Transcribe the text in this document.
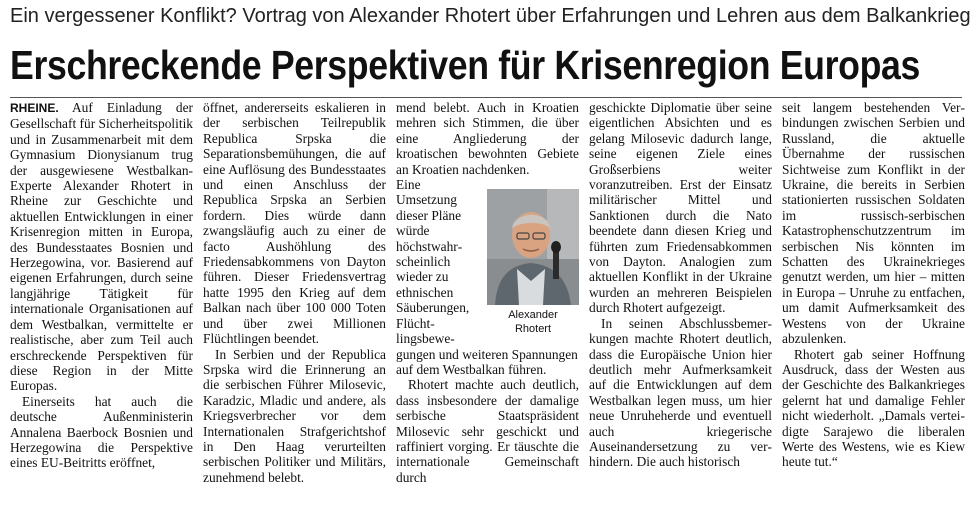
Ein vergessener Konflikt? Vortrag von Alexander Rhotert über Erfahrungen und Lehren aus dem Balkankrieg
Erschreckende Perspektiven für Krisenregion Europas

RHEINE. Auf Einladung der Gesellschaft für Sicherheitspolitik und in Zusammenarbeit mit dem Gymnasium Dionysianum trug der ausgewiesene Westbalkan-Experte Alexander Rhotert in Rheine zur Geschichte und aktuellen Entwicklungen in einer Krisenregion mitten in Europa, des Bundesstaates Bosnien und Herzegowina, vor. Basierend auf eigenen Erfahrungen, durch seine langjährige Tätigkeit für internationale Organisationen auf dem Westbalkan, vermittelte er realistische, aber zum Teil auch erschreckende Perspektiven für diese Region in der Mitte Europas.

Einerseits hat auch die deutsche Außenministerin Annalena Baerbock Bosnien und Herzegowina die Perspektive eines EU-Beitritts eröffnet,

öffnet, andererseits eskalieren in der serbischen Teilrepublik Republica Srpska die Separationsbemühungen, die auf eine Auflösung des Bundesstaates und einen Anschluss der Republica Srpska an Serbien fordern. Dies würde dann zwangsläufig auch zu einer de facto Aushöhlung des Friedensabkommens von Dayton führen. Dieser Friedensvertrag hatte 1995 den Krieg auf dem Balkan nach über 100 000 Toten und über zwei Millionen Flüchtlingen beendet.

In Serbien und der Republica Srpska wird die Erinnerung an die serbischen Führer Milosevic, Karadzic, Mladic und andere, als Kriegsverbrecher vor dem Internationalen Strafgerichtshof in Den Haag verurteilten serbischen Politiker und Militärs, zunehmend belebt.

mend belebt. Auch in Kroatien mehren sich Stimmen, die über eine Angliederung der kroatischen bewohnten Gebiete an Kroatien nachdenken.

Alexander
Rhotert

Eine Umsetzung dieser Pläne würde höchstwahrscheinlich wieder zu ethnischen Säuberungen, Flüchtlingsbewegungen und weiteren Spannungen auf dem Westbalkan führen.

Rhotert machte auch deutlich, dass insbesondere der damalige serbische Staatspräsident Milosevic sehr geschickt und raffiniert vorging. Er täuschte die internationale Gemeinschaft durch

geschickte Diplomatie über seine eigentlichen Absichten und es gelang Milosevic dadurch lange, seine eigenen Ziele eines Großserbiens weiter voranzutreiben. Erst der Einsatz militärischer Mittel und Sanktionen durch die Nato beendete dann diesen Krieg und führten zum Friedensabkommen von Dayton. Analogien zum aktuellen Konflikt in der Ukraine wurden an mehreren Beispielen durch Rhotert aufgezeigt.

In seinen Abschlussbemerkungen machte Rhotert deutlich, dass die Europäische Union hier deutlich mehr Aufmerksamkeit auf die Entwicklungen auf dem Westbalkan legen muss, um hier neue Unruheherde und eventuell auch kriegerische Auseinandersetzung zu verhindern. Die auch historisch

seit langem bestehenden Verbindungen zwischen Serbien und Russland, die aktuelle Übernahme der russischen Sichtweise zum Konflikt in der Ukraine, die bereits in Serbien stationierten russischen Soldaten im russisch-serbischen Katastrophenschutzzentrum im serbischen Nis könnten im Schatten des Ukrainekrieges genutzt werden, um hier – mitten in Europa – Unruhe zu entfachen, um damit Aufmerksamkeit des Westens von der Ukraine abzulenken.

Rhotert gab seiner Hoffnung Ausdruck, dass der Westen aus der Geschichte des Balkankrieges gelernt hat und damalige Fehler nicht wiederholt. „Damals verteidigte Sarajewo die liberalen Werte des Westens, wie es Kiew heute tut.“
